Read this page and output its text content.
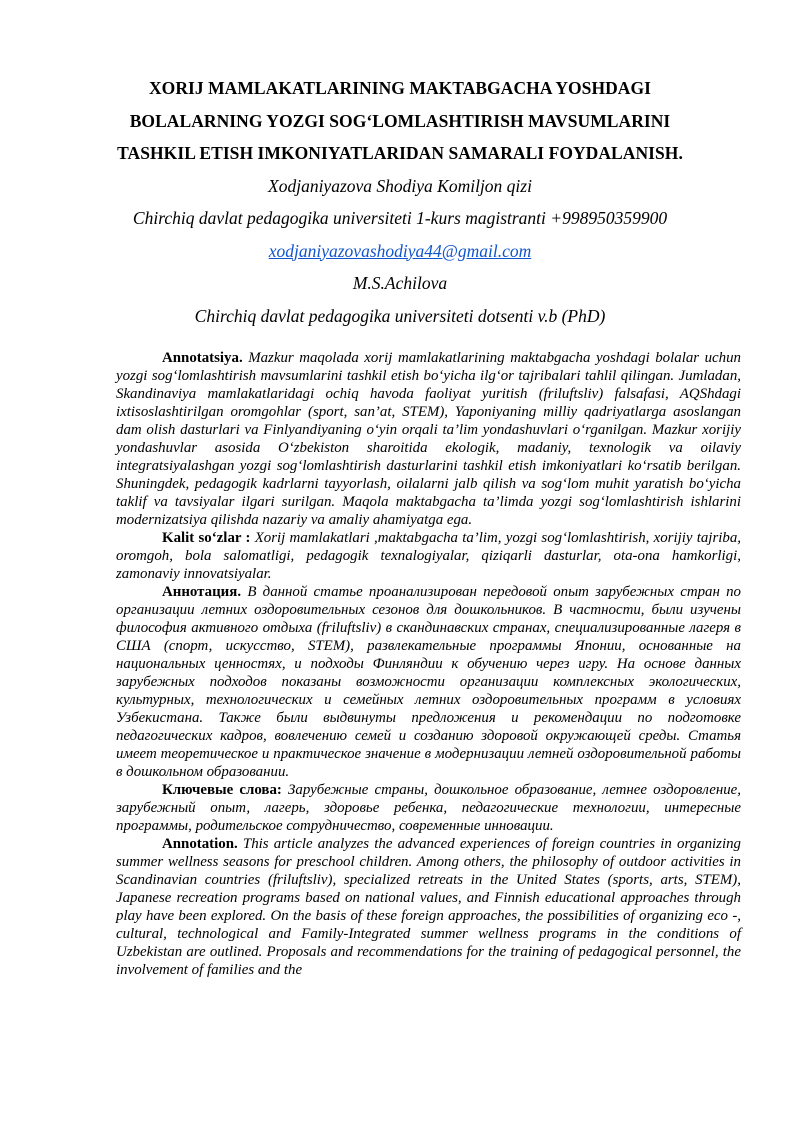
XORIJ MAMLAKATLARINING MAKTABGACHA YOSHDAGI
BOLALARNING YOZGI SOG‘LOMLASHTIRISH MAVSUMLARINI
TASHKIL ETISH IMKONIYATLARIDAN SAMARALI FOYDALANISH.
Xodjaniyazova Shodiya Komiljon qizi
Chirchiq davlat pedagogika universiteti 1-kurs magistranti +998950359900
xodjaniyazovashodiya44@gmail.com
M.S.Achilova
Chirchiq davlat pedagogika universiteti dotsenti v.b (PhD)

Annotatsiya. Mazkur maqolada xorij mamlakatlarining maktabgacha yoshdagi bolalar uchun yozgi sog‘lomlashtirish mavsumlarini tashkil etish bo‘yicha ilg‘or tajribalari tahlil qilingan. Jumladan, Skandinaviya mamlakatlaridagi ochiq havoda faoliyat yuritish (friluftsliv) falsafasi, AQShdagi ixtisoslashtirilgan oromgohlar (sport, san’at, STEM), Yaponiyaning milliy qadriyatlarga asoslangan dam olish dasturlari va Finlyandiyaning o‘yin orqali ta’lim yondashuvlari o‘rganilgan. Mazkur xorijiy yondashuvlar asosida O‘zbekiston sharoitida ekologik, madaniy, texnologik va oilaviy integratsiyalashgan yozgi sog‘lomlashtirish dasturlarini tashkil etish imkoniyatlari ko‘rsatib berilgan. Shuningdek, pedagogik kadrlarni tayyorlash, oilalarni jalb qilish va sog‘lom muhit yaratish bo‘yicha taklif va tavsiyalar ilgari surilgan. Maqola maktabgacha ta’limda yozgi sog‘lomlashtirish ishlarini modernizatsiya qilishda nazariy va amaliy ahamiyatga ega.

Kalit so‘zlar : Xorij mamlakatlari ,maktabgacha ta’lim, yozgi sog‘lomlashtirish, xorijiy tajriba, oromgoh, bola salomatligi, pedagogik texnalogiyalar, qiziqarli dasturlar, ota-ona hamkorligi, zamonaviy innovatsiyalar.

Аннотация. В данной статье проанализирован передовой опыт зарубежных стран по организации летних оздоровительных сезонов для дошкольников. В частности, были изучены философия активного отдыха (friluftsliv) в скандинавских странах, специализированные лагеря в США (спорт, искусство, STEM), развлекательные программы Японии, основанные на национальных ценностях, и подходы Финляндии к обучению через игру. На основе данных зарубежных подходов показаны возможности организации комплексных экологических, культурных, технологических и семейных летних оздоровительных программ в условиях Узбекистана. Также были выдвинуты предложения и рекомендации по подготовке педагогических кадров, вовлечению семей и созданию здоровой окружающей среды. Статья имеет теоретическое и практическое значение в модернизации летней оздоровительной работы в дошкольном образовании.

Ключевые слова: Зарубежные страны, дошкольное образование, летнее оздоровление, зарубежный опыт, лагерь, здоровье ребенка, педагогические технологии, интересные программы, родительское сотрудничество, современные инновации.

Annotation. This article analyzes the advanced experiences of foreign countries in organizing summer wellness seasons for preschool children. Among others, the philosophy of outdoor activities in Scandinavian countries (friluftsliv), specialized retreats in the United States (sports, arts, STEM), Japanese recreation programs based on national values, and Finnish educational approaches through play have been explored. On the basis of these foreign approaches, the possibilities of organizing eco -, cultural, technological and Family-Integrated summer wellness programs in the conditions of Uzbekistan are outlined. Proposals and recommendations for the training of pedagogical personnel, the involvement of families and the
